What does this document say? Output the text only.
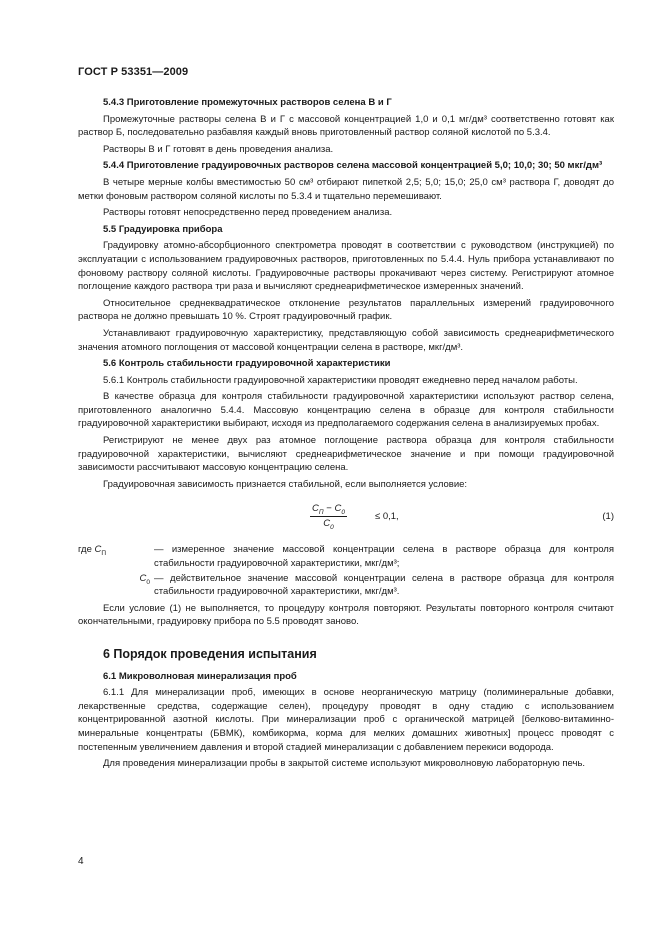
ГОСТ Р 53351—2009
5.4.3 Приготовление промежуточных растворов селена В и Г

Промежуточные растворы селена В и Г с массовой концентрацией 1,0 и 0,1 мг/дм³ соответственно готовят как раствор Б, последовательно разбавляя каждый вновь приготовленный раствор соляной кислотой по 5.3.4.

Растворы В и Г готовят в день проведения анализа.

5.4.4 Приготовление градуировочных растворов селена массовой концентрацией 5,0; 10,0; 30; 50 мкг/дм³

В четыре мерные колбы вместимостью 50 см³ отбирают пипеткой 2,5; 5,0; 15,0; 25,0 см³ раствора Г, доводят до метки фоновым раствором соляной кислоты по 5.3.4 и тщательно перемешивают.

Растворы готовят непосредственно перед проведением анализа.

5.5 Градуировка прибора

Градуировку атомно-абсорбционного спектрометра проводят в соответствии с руководством (инструкцией) по эксплуатации с использованием градуировочных растворов, приготовленных по 5.4.4. Нуль прибора устанавливают по фоновому раствору соляной кислоты. Градуировочные растворы прокачивают через систему. Регистрируют атомное поглощение каждого раствора три раза и вычисляют среднеарифметическое измеренных значений.

Относительное среднеквадратическое отклонение результатов параллельных измерений градуировочного раствора не должно превышать 10 %. Строят градуировочный график.

Устанавливают градуировочную характеристику, представляющую собой зависимость среднеарифметического значения атомного поглощения от массовой концентрации селена в растворе, мкг/дм³.

5.6 Контроль стабильности градуировочной характеристики

5.6.1 Контроль стабильности градуировочной характеристики проводят ежедневно перед началом работы.

В качестве образца для контроля стабильности градуировочной характеристики используют раствор селена, приготовленного аналогично 5.4.4. Массовую концентрацию селена в образце для контроля стабильности градуировочной характеристики выбирают, исходя из предполагаемого содержания селена в анализируемых пробах.

Регистрируют не менее двух раз атомное поглощение раствора образца для контроля стабильности градуировочной характеристики, вычисляют среднеарифметическое значение и при помощи градуировочной зависимости рассчитывают массовую концентрацию селена.

Градуировочная зависимость признается стабильной, если выполняется условие:

$C_П - C_0$
$C_0$
≤ 0,1,	(1)
где $C_П$	— измеренное значение массовой концентрации селена в растворе образца для контроля стабильности градуировочной характеристики, мкг/дм³;
$C_0$ — действительное значение массовой концентрации селена в растворе образца для контроля стабильности градуировочной характеристики, мкг/дм³.

Если условие (1) не выполняется, то процедуру контроля повторяют. Результаты повторного контроля считают окончательными, градуировку прибора по 5.5 проводят заново.

6 Порядок проведения испытания
6.1 Микроволновая минерализация проб

6.1.1 Для минерализации проб, имеющих в основе неорганическую матрицу (полиминеральные добавки, лекарственные средства, содержащие селен), процедуру проводят в одну стадию с использованием концентрированной азотной кислоты. При минерализации проб с органической матрицей [белково-витаминно-минеральные концентраты (БВМК), комбикорма, корма для мелких домашних животных] процесс проводят с постепенным увеличением давления и второй стадией минерализации с добавлением перекиси водорода.

Для проведения минерализации пробы в закрытой системе используют микроволновую лабораторную печь.

4
